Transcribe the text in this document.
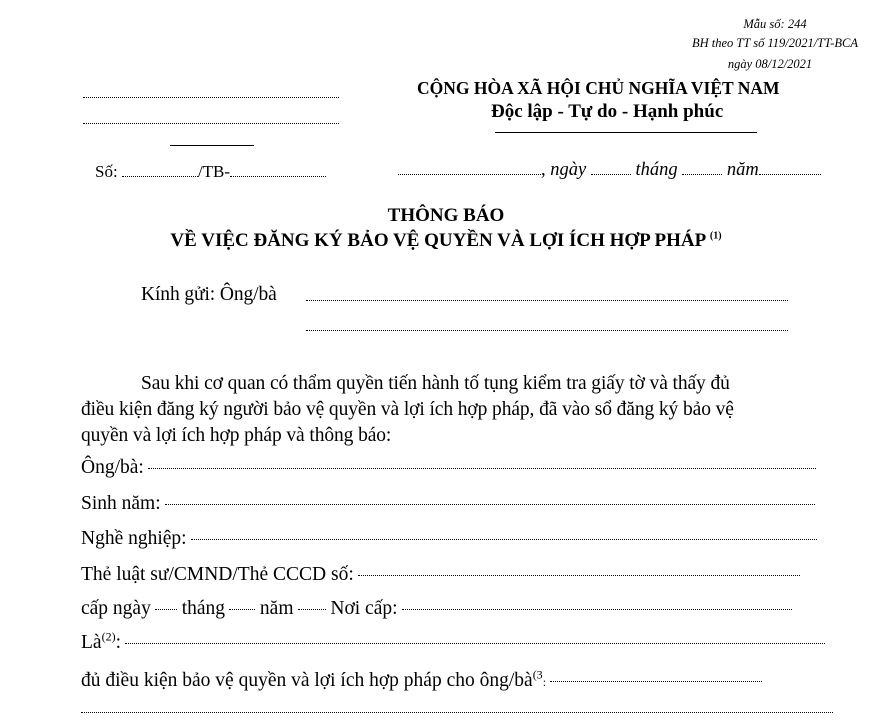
Mẫu số: 244
BH theo TT số 119/2021/TT-BCA
ngày 08/12/2021
CỘNG HÒA XÃ HỘI CHỦ NGHĨA VIỆT NAM
Độc lập - Tự do - Hạnh phúc
Số:	/TB-	, ngày	tháng	năm
THÔNG BÁO
VỀ VIỆC ĐĂNG KÝ BẢO VỆ QUYỀN VÀ LỢI ÍCH HỢP PHÁP $^{(1)}$
Kính gửi: Ông/bà
Sau khi cơ quan có thẩm quyền tiến hành tố tụng kiểm tra giấy tờ và thấy đủ
điều kiện đăng ký người bảo vệ quyền và lợi ích hợp pháp, đã vào sổ đăng ký bảo vệ
quyền và lợi ích hợp pháp và thông báo:
Ông/bà:
Sinh năm:
Nghề nghiệp:
Thẻ luật sư/CMND/Thẻ CCCD số:
cấp ngày tháng năm Nơi cấp:
$Là^{(2)}$:
đủ điều kiện bảo vệ quyền và lợi ích hợp pháp cho ông/$bà^{(3}$:
